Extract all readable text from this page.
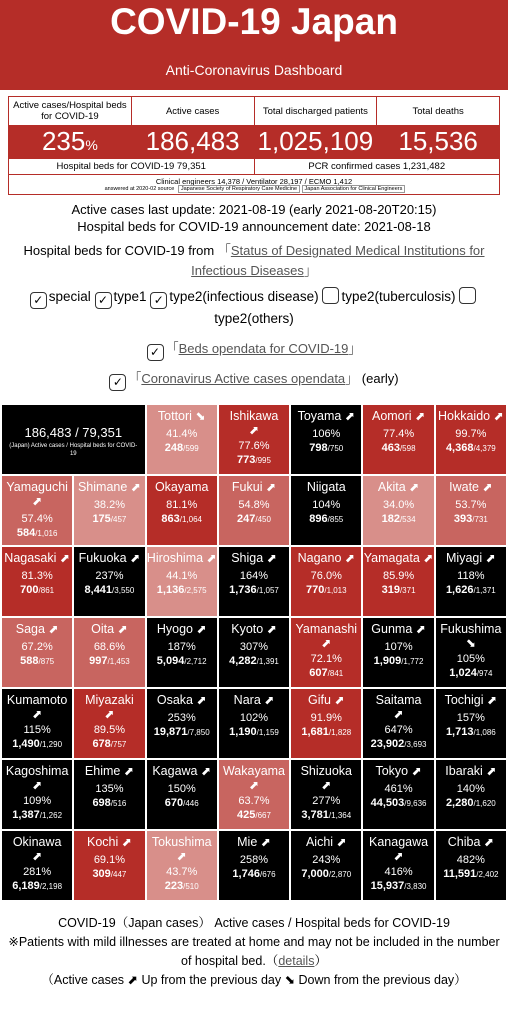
COVID-19 Japan
Anti-Coronavirus Dashboard
Active cases/Hospital beds for COVID-19
235%
Active cases
186,483
Total discharged patients
1,025,109
Total deaths
15,536
Hospital beds for COVID-19 79,351	PCR confirmed cases 1,231,482
Clinical engineers 14,378 / Ventilator 28,197 / ECMO 1,412
answered at 2020-02 source Japanese Society of Respiratory Care Medicine Japan Association for Clinical Engineers
Active cases last update: 2021-08-19 (early 2021-08-20T20:15)
Hospital beds for COVID-19 announcement date: 2021-08-18
Hospital beds for COVID-19 from 「Status of Designated Medical Institutions for Infectious Diseases」
✓ special ✓ type1 ✓ type2(infectious disease) type2(tuberculosis)  type2(others)
✓ 「Beds opendata for COVID-19」
✓ 「Coronavirus Active cases opendata」 (early)
186,483 / 79,351
(Japan) Active cases / Hospital beds for COVID-19
Tottori ⬊
41.4%
248/599
Ishikawa
⬈
77.6%
773/995
Toyama ⬈
106%
798/750
Aomori ⬈
77.4%
463/598
Hokkaido ⬈
99.7%
4,368/4,379
Yamaguchi ⬈
57.4%
584/1,016
Shimane ⬈
38.2%
175/457
Okayama
81.1%
863/1,064
Fukui ⬈
54.8%
247/450
Niigata
104%
896/855
Akita ⬈
34.0%
182/534
Iwate ⬈
53.7%
393/731
Nagasaki ⬈
81.3%
700/861
Fukuoka ⬈
237%
8,441/3,550
Hiroshima ⬈
44.1%
1,136/2,575
Shiga ⬈
164%
1,736/1,057
Nagano ⬈
76.0%
770/1,013
Yamagata ⬈
85.9%
319/371
Miyagi ⬈
118%
1,626/1,371
Saga ⬈
67.2%
588/875
Oita ⬈
68.6%
997/1,453
Hyogo ⬈
187%
5,094/2,712
Kyoto ⬈
307%
4,282/1,391
Yamanashi
⬈
72.1%
607/841
Gunma ⬈
107%
1,909/1,772
Fukushima
⬊
105%
1,024/974
Kumamoto
⬈
115%
1,490/1,290
Miyazaki
⬈
89.5%
678/757
Osaka ⬈
253%
19,871/7,850
Nara ⬈
102%
1,190/1,159
Gifu ⬈
91.9%
1,681/1,828
Saitama
⬈
647%
23,902/3,693
Tochigi ⬈
157%
1,713/1,086
Kagoshima
⬈
109%
1,387/1,262
Ehime ⬈
135%
698/516
Kagawa ⬈
150%
670/446
Wakayama
⬈
63.7%
425/667
Shizuoka
⬈
277%
3,781/1,364
Tokyo ⬈
461%
44,503/9,636
Ibaraki ⬈
140%
2,280/1,620
Okinawa
⬈
281%
6,189/2,198
Kochi ⬈
69.1%
309/447
Tokushima
⬈
43.7%
223/510
Mie ⬈
258%
1,746/676
Aichi ⬈
243%
7,000/2,870
Kanagawa
⬈
416%
15,937/3,830
Chiba ⬈
482%
11,591/2,402
COVID-19（Japan cases） Active cases / Hospital beds for COVID-19
※Patients with mild illnesses are treated at home and may not be included in the number of hospital bed.（details）
（Active cases ⬈ Up from the previous day ⬊ Down from the previous day）
